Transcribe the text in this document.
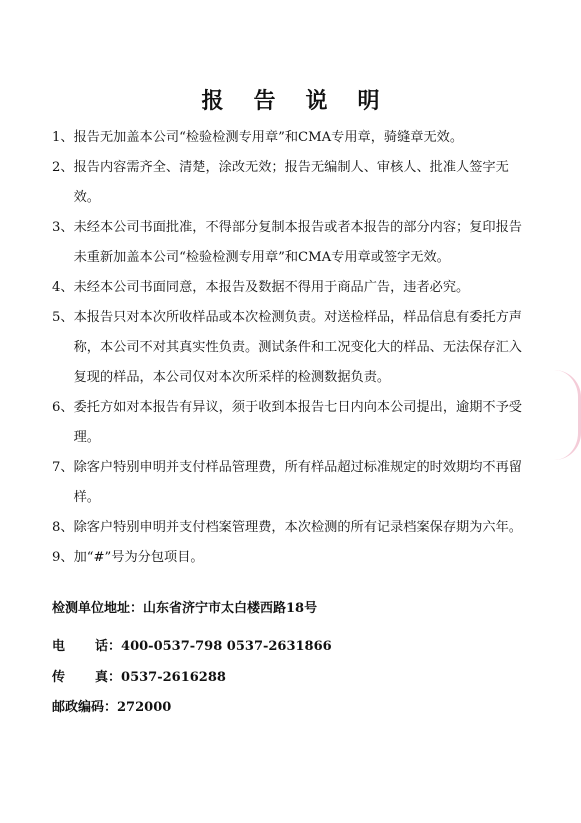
报告说明
1、 报告无加盖本公司“检验检测专用章”和CMA专用章，骑缝章无效。
2、 报告内容需齐全、清楚，涂改无效；报告无编制人、审核人、批准人签字无效。
3、 未经本公司书面批准，不得部分复制本报告或者本报告的部分内容；复印报告未重新加盖本公司“检验检测专用章”和CMA专用章或签字无效。
4、 未经本公司书面同意，本报告及数据不得用于商品广告，违者必究。
5、 本报告只对本次所收样品或本次检测负责。对送检样品，样品信息有委托方声称，本公司不对其真实性负责。测试条件和工况变化大的样品、无法保存汇入复现的样品，本公司仅对本次所采样的检测数据负责。
6、 委托方如对本报告有异议，须于收到本报告七日内向本公司提出，逾期不予受理。
7、 除客户特别申明并支付样品管理费，所有样品超过标准规定的时效期均不再留样。
8、 除客户特别申明并支付档案管理费，本次检测的所有记录档案保存期为六年。
9、 加“#”号为分包项目。
检测单位地址：山东省济宁市太白楼西路18号
电 话：400-0537-798 0537-2631866
传 真：0537-2616288
邮政编码：272000
